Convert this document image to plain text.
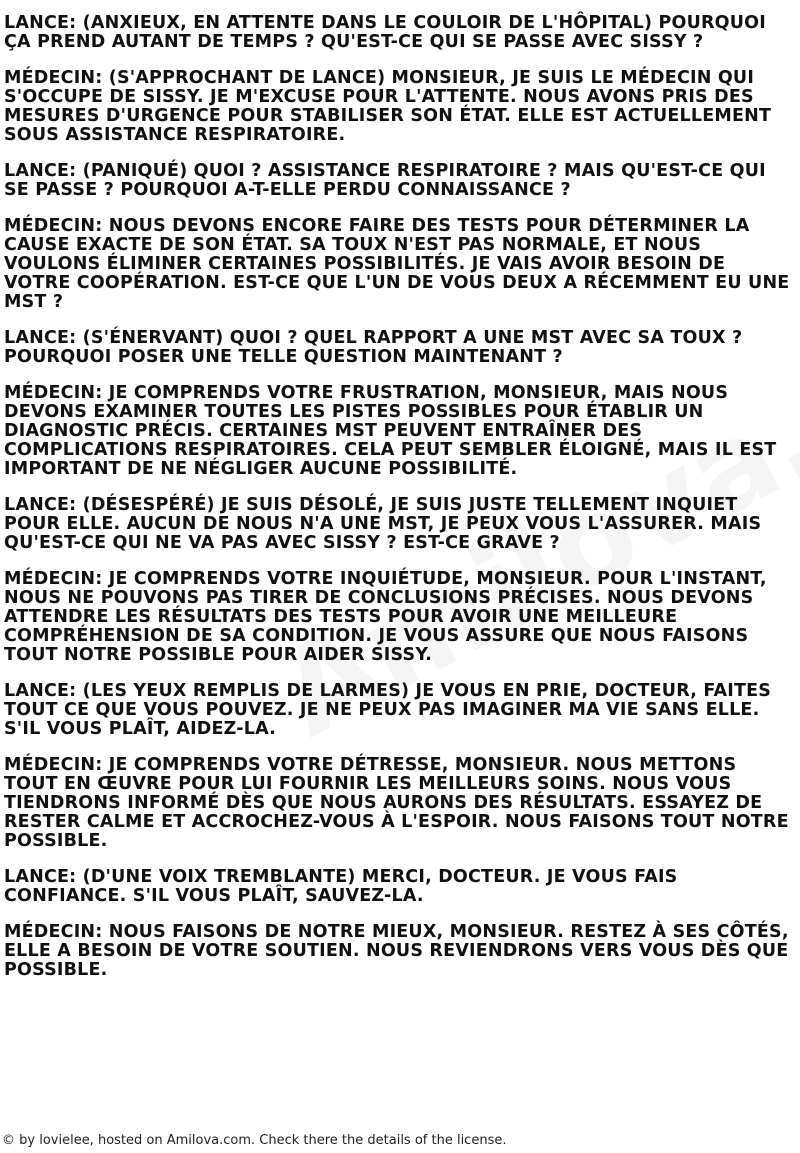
LANCE: (ANXIEUX, EN ATTENTE DANS LE COULOIR DE L'HÔPITAL) POURQUOI ÇA PREND AUTANT DE TEMPS ? QU'EST-CE QUI SE PASSE AVEC SISSY ?

MÉDECIN: (S'APPROCHANT DE LANCE) MONSIEUR, JE SUIS LE MÉDECIN QUI S'OCCUPE DE SISSY. JE M'EXCUSE POUR L'ATTENTE. NOUS AVONS PRIS DES MESURES D'URGENCE POUR STABILISER SON ÉTAT. ELLE EST ACTUELLEMENT SOUS ASSISTANCE RESPIRATOIRE.

LANCE: (PANIQUÉ) QUOI ? ASSISTANCE RESPIRATOIRE ? MAIS QU'EST-CE QUI SE PASSE ? POURQUOI A-T-ELLE PERDU CONNAISSANCE ?

MÉDECIN: NOUS DEVONS ENCORE FAIRE DES TESTS POUR DÉTERMINER LA CAUSE EXACTE DE SON ÉTAT. SA TOUX N'EST PAS NORMALE, ET NOUS VOULONS ÉLIMINER CERTAINES POSSIBILITÉS. JE VAIS AVOIR BESOIN DE VOTRE COOPÉRATION. EST-CE QUE L'UN DE VOUS DEUX A RÉCEMMENT EU UNE MST ?

LANCE: (S'ÉNERVANT) QUOI ? QUEL RAPPORT A UNE MST AVEC SA TOUX ? POURQUOI POSER UNE TELLE QUESTION MAINTENANT ?

MÉDECIN: JE COMPRENDS VOTRE FRUSTRATION, MONSIEUR, MAIS NOUS DEVONS EXAMINER TOUTES LES PISTES POSSIBLES POUR ÉTABLIR UN DIAGNOSTIC PRÉCIS. CERTAINES MST PEUVENT ENTRAÎNER DES COMPLICATIONS RESPIRATOIRES. CELA PEUT SEMBLER ÉLOIGNÉ, MAIS IL EST IMPORTANT DE NE NÉGLIGER AUCUNE POSSIBILITÉ.

LANCE: (DÉSESPÉRÉ) JE SUIS DÉSOLÉ, JE SUIS JUSTE TELLEMENT INQUIET POUR ELLE. AUCUN DE NOUS N'A UNE MST, JE PEUX VOUS L'ASSURER. MAIS QU'EST-CE QUI NE VA PAS AVEC SISSY ? EST-CE GRAVE ?

MÉDECIN: JE COMPRENDS VOTRE INQUIÉTUDE, MONSIEUR. POUR L'INSTANT, NOUS NE POUVONS PAS TIRER DE CONCLUSIONS PRÉCISES. NOUS DEVONS ATTENDRE LES RÉSULTATS DES TESTS POUR AVOIR UNE MEILLEURE COMPRÉHENSION DE SA CONDITION. JE VOUS ASSURE QUE NOUS FAISONS TOUT NOTRE POSSIBLE POUR AIDER SISSY.

LANCE: (LES YEUX REMPLIS DE LARMES) JE VOUS EN PRIE, DOCTEUR, FAITES TOUT CE QUE VOUS POUVEZ. JE NE PEUX PAS IMAGINER MA VIE SANS ELLE. S'IL VOUS PLAÎT, AIDEZ-LA.

MÉDECIN: JE COMPRENDS VOTRE DÉTRESSE, MONSIEUR. NOUS METTONS TOUT EN ŒUVRE POUR LUI FOURNIR LES MEILLEURS SOINS. NOUS VOUS TIENDRONS INFORMÉ DÈS QUE NOUS AURONS DES RÉSULTATS. ESSAYEZ DE RESTER CALME ET ACCROCHEZ-VOUS À L'ESPOIR. NOUS FAISONS TOUT NOTRE POSSIBLE.

LANCE: (D'UNE VOIX TREMBLANTE) MERCI, DOCTEUR. JE VOUS FAIS CONFIANCE. S'IL VOUS PLAÎT, SAUVEZ-LA.

MÉDECIN: NOUS FAISONS DE NOTRE MIEUX, MONSIEUR. RESTEZ À SES CÔTÉS, ELLE A BESOIN DE VOTRE SOUTIEN. NOUS REVIENDRONS VERS VOUS DÈS QUE POSSIBLE.

© by lovielee, hosted on Amilova.com. Check there the details of the license.
